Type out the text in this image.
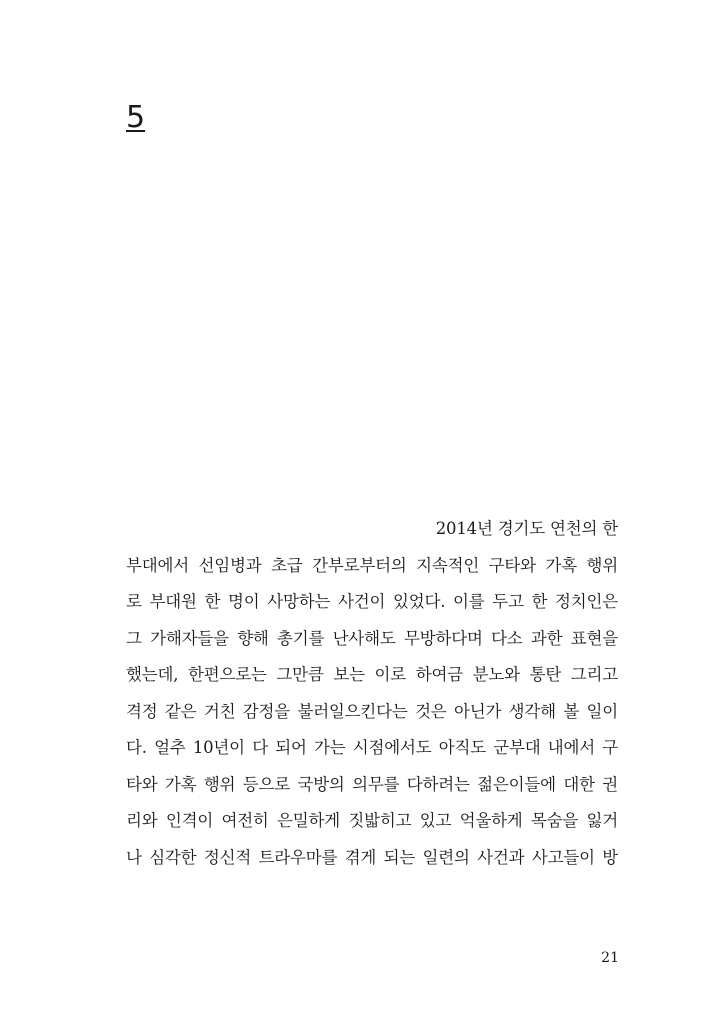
5
2014년 경기도 연천의 한
부대에서 선임병과 초급 간부로부터의 지속적인 구타와 가혹 행위
로 부대원 한 명이 사망하는 사건이 있었다. 이를 두고 한 정치인은
그 가해자들을 향해 총기를 난사해도 무방하다며 다소 과한 표현을
했는데, 한편으로는 그만큼 보는 이로 하여금 분노와 통탄 그리고
격정 같은 거친 감정을 불러일으킨다는 것은 아닌가 생각해 볼 일이
다. 얼추 10년이 다 되어 가는 시점에서도 아직도 군부대 내에서 구
타와 가혹 행위 등으로 국방의 의무를 다하려는 젊은이들에 대한 권
리와 인격이 여전히 은밀하게 짓밟히고 있고 억울하게 목숨을 잃거
나 심각한 정신적 트라우마를 겪게 되는 일련의 사건과 사고들이 방
21
